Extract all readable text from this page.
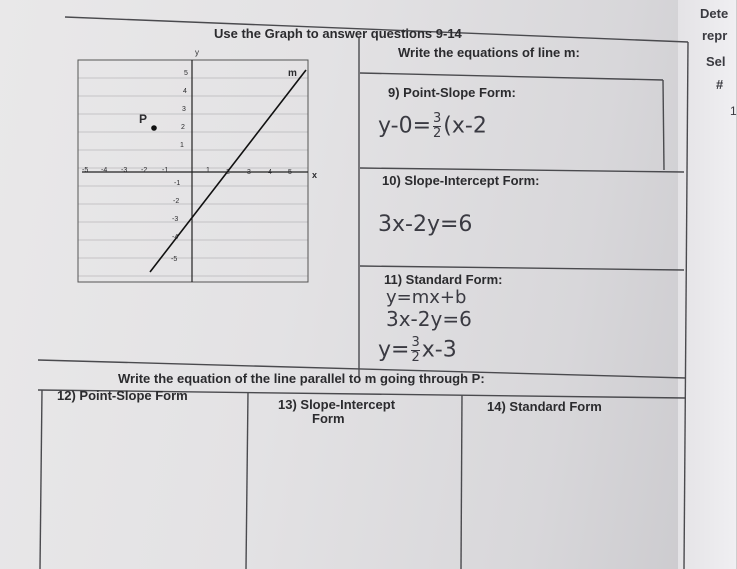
Use the Graph to answer questions 9-14
Write the equations of line m:
y
x
m
P
-5 -4 -3 -2 -1	1 2 3 4 5
5
4
3
2
1
-1
-2
-3
-4
-5
9) Point-Slope Form:
$y-0= \frac{3}{2} (x-2$
10) Slope-Intercept Form:
3x-2y=6
11) Standard Form:
y=mx+b
3x-2y=6
$y= \frac{3}{2} x-3$
Write the equation of the line parallel to m going through P:
12) Point-Slope Form
13) Slope-Intercept
Form
14) Standard Form
Dete
repr
Sel
#
1
